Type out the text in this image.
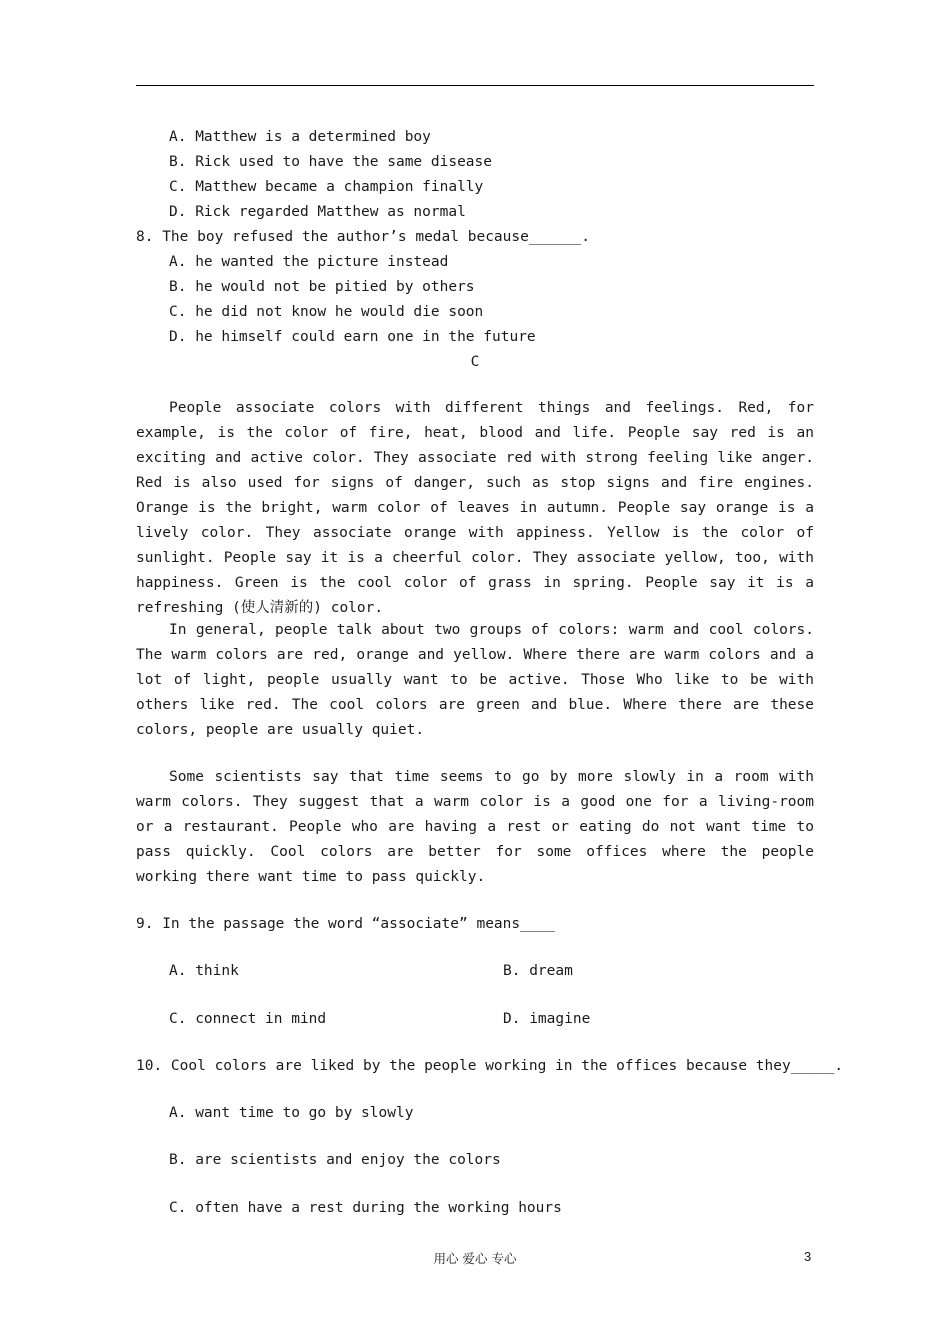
A. Matthew is a determined boy
B. Rick used to have the same disease
C. Matthew became a champion finally
D. Rick regarded Matthew as normal
8. The boy refused the author’s medal because______.
A. he wanted the picture instead
B. he would not be pitied by others
C. he did not know he would die soon
D. he himself could earn one in the future
C

People associate colors with different things and feelings. Red, for example, is the color of fire, heat, blood and life. People say red is an exciting and active color. They associate red with strong feeling like anger. Red is also used for signs of danger, such as stop signs and fire engines. Orange is the bright, warm color of leaves in autumn. People say orange is a lively color. They associate orange with appiness. Yellow is the color of sunlight. People say it is a cheerful color. They associate yellow, too, with happiness. Green is the cool color of grass in spring. People say it is a refreshing (使人清新的) color.

In general, people talk about two groups of colors: warm and cool colors. The warm colors are red, orange and yellow. Where there are warm colors and a lot of light, people usually want to be active. Those Who like to be with others like red. The cool colors are green and blue. Where there are these colors, people are usually quiet.

Some scientists say that time seems to go by more slowly in a room with warm colors. They suggest that a warm color is a good one for a living-room or a restaurant. People who are having a rest or eating do not want time to pass quickly. Cool colors are better for some offices where the people working there want time to pass quickly.

9. In the passage the word “associate” means____
A. think	B. dream
C. connect in mind	D. imagine
10. Cool colors are liked by the people working in the offices because they_____.
A. want time to go by slowly
B. are scientists and enjoy the colors
C. often have a rest during the working hours
用心 爱心 专心	3
